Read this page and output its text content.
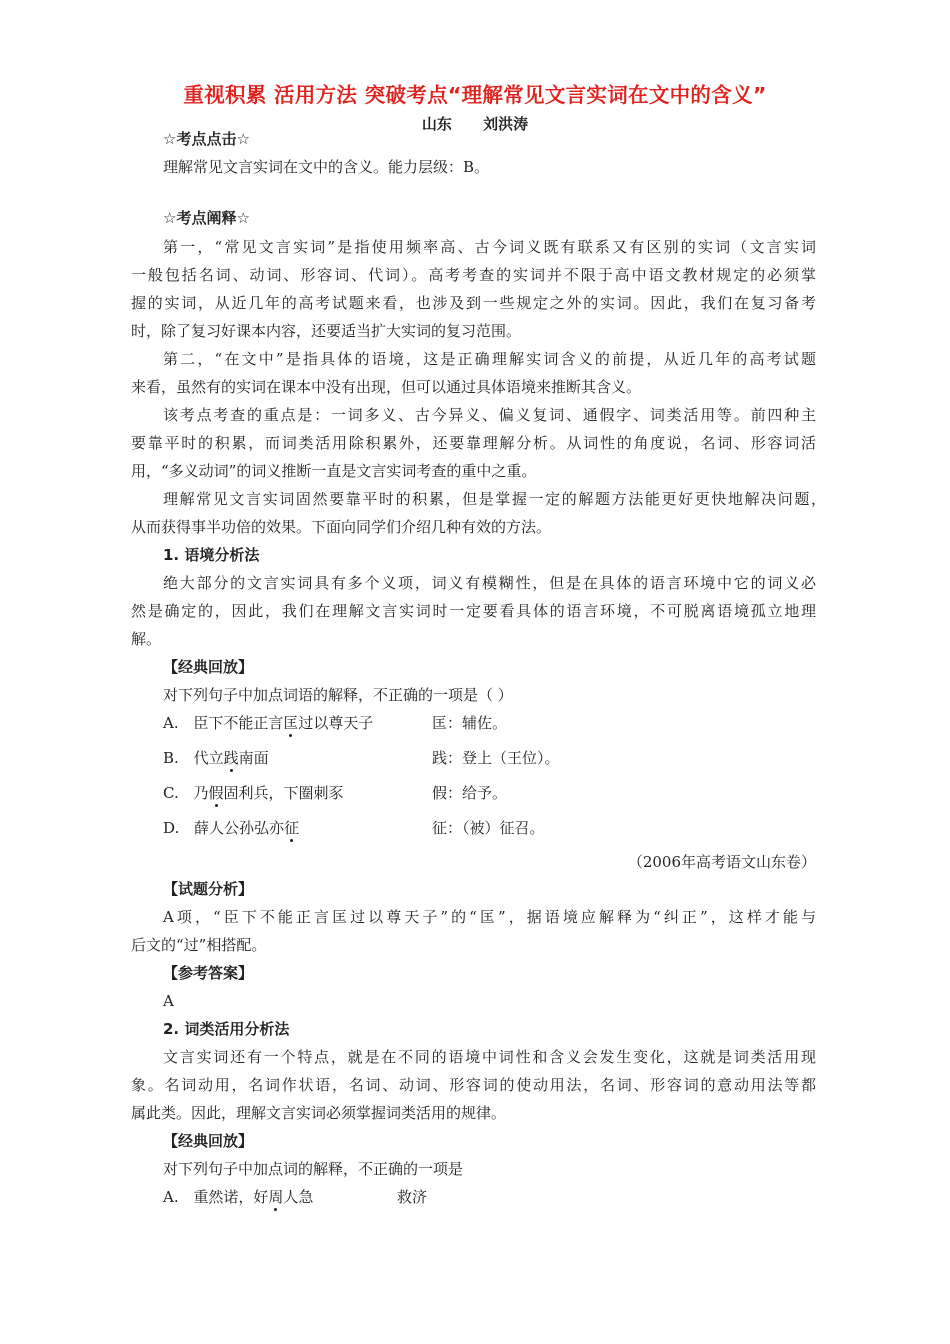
重视积累 活用方法 突破考点“理解常见文言实词在文中的含义”
山东      刘洪涛
☆考点点击☆
理解常见文言实词在文中的含义。能力层级：B。
☆考点阐释☆
第一，“常见文言实词”是指使用频率高、古今词义既有联系又有区别的实词（文言实词
一般包括名词、动词、形容词、代词）。高考考查的实词并不限于高中语文教材规定的必须掌
握的实词，从近几年的高考试题来看，也涉及到一些规定之外的实词。因此，我们在复习备考
时，除了复习好课本内容，还要适当扩大实词的复习范围。
第二，“在文中”是指具体的语境，这是正确理解实词含义的前提，从近几年的高考试题
来看，虽然有的实词在课本中没有出现，但可以通过具体语境来推断其含义。
该考点考查的重点是：一词多义、古今异义、偏义复词、通假字、词类活用等。前四种主
要靠平时的积累，而词类活用除积累外，还要靠理解分析。从词性的角度说，名词、形容词活
用，“多义动词”的词义推断一直是文言实词考查的重中之重。
理解常见文言实词固然要靠平时的积累，但是掌握一定的解题方法能更好更快地解决问题，
从而获得事半功倍的效果。下面向同学们介绍几种有效的方法。
1. 语境分析法
绝大部分的文言实词具有多个义项，词义有模糊性，但是在具体的语言环境中它的词义必
然是确定的，因此，我们在理解文言实词时一定要看具体的语言环境，不可脱离语境孤立地理
解。
【经典回放】
对下列句子中加点词语的解释，不正确的一项是（ ）
A. 臣下不能正言匡过以尊天子	匡：辅佐。
B. 代立践南面	践：登上（王位）。
C. 乃假固利兵，下圈刺豕	假：给予。
D. 薛人公孙弘亦征	征：（被）征召。
（2006年高考语文山东卷）
【试题分析】
A项，“臣下不能正言匡过以尊天子”的“匡”，据语境应解释为“纠正”，这样才能与
后文的“过”相搭配。
【参考答案】
A
2. 词类活用分析法
文言实词还有一个特点，就是在不同的语境中词性和含义会发生变化，这就是词类活用现
象。名词动用，名词作状语，名词、动词、形容词的使动用法，名词、形容词的意动用法等都
属此类。因此，理解文言实词必须掌握词类活用的规律。
【经典回放】
对下列句子中加点词的解释，不正确的一项是
A. 重然诺，好周人急	救济
